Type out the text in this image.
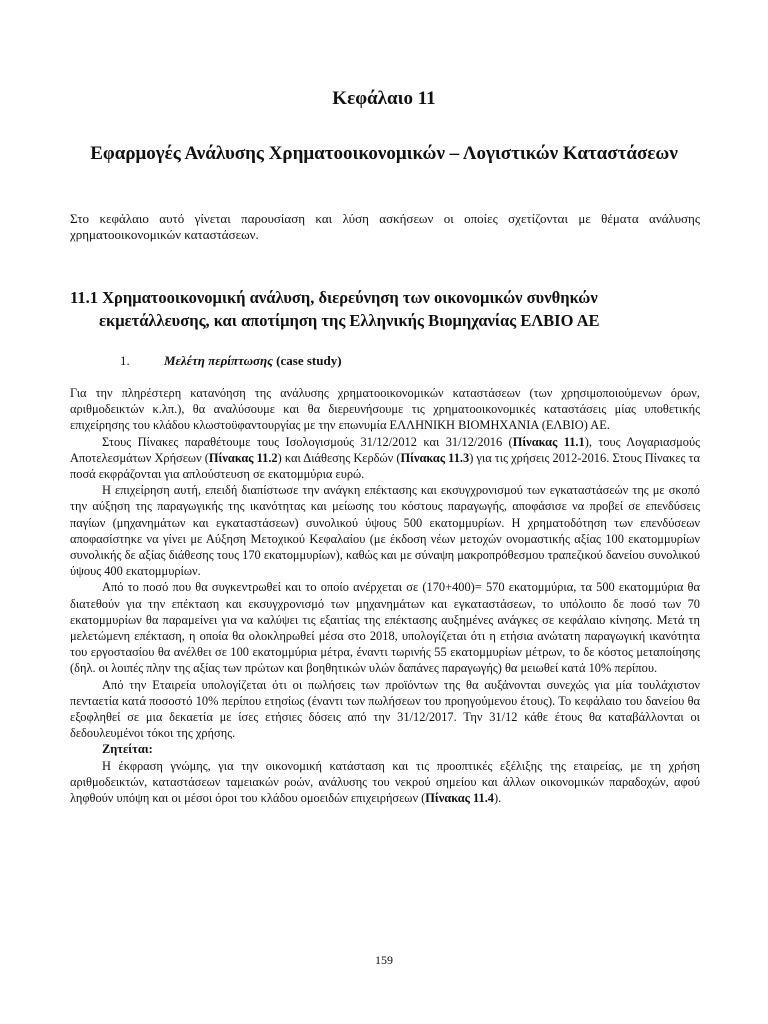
Κεφάλαιο 11
Εφαρμογές Ανάλυσης Χρηματοοικονομικών – Λογιστικών Καταστάσεων
Στο κεφάλαιο αυτό γίνεται παρουσίαση και λύση ασκήσεων οι οποίες σχετίζονται με θέματα ανάλυσης χρηματοοικονομικών καταστάσεων.
11.1 Χρηματοοικονομική ανάλυση, διερεύνηση των οικονομικών συνθηκών
εκμετάλλευσης, και αποτίμηση της Ελληνικής Βιομηχανίας ΕΛΒΙΟ ΑΕ
1.	Μελέτη περίπτωσης (case study)

Για την πληρέστερη κατανόηση της ανάλυσης χρηματοοικονομικών καταστάσεων (των χρησιμοποιούμενων όρων, αριθμοδεικτών κ.λπ.), θα αναλύσουμε και θα διερευνήσουμε τις χρηματοοικονομικές καταστάσεις μίας υποθετικής επιχείρησης του κλάδου κλωστοϋφαντουργίας με την επωνυμία ΕΛΛΗΝΙΚΗ ΒΙΟΜΗΧΑΝΙΑ (ΕΛΒΙΟ) ΑΕ.

Στους Πίνακες παραθέτουμε τους Ισολογισμούς 31/12/2012 και 31/12/2016 (Πίνακας 11.1), τους Λογαριασμούς Αποτελεσμάτων Χρήσεων (Πίνακας 11.2) και Διάθεσης Κερδών (Πίνακας 11.3) για τις χρήσεις 2012-2016. Στους Πίνακες τα ποσά εκφράζονται για απλούστευση σε εκατομμύρια ευρώ.

Η επιχείρηση αυτή, επειδή διαπίστωσε την ανάγκη επέκτασης και εκσυγχρονισμού των εγκαταστάσεών της με σκοπό την αύξηση της παραγωγικής της ικανότητας και μείωσης του κόστους παραγωγής, αποφάσισε να προβεί σε επενδύσεις παγίων (μηχανημάτων και εγκαταστάσεων) συνολικού ύψους 500 εκατομμυρίων. Η χρηματοδότηση των επενδύσεων αποφασίστηκε να γίνει με Αύξηση Μετοχικού Κεφαλαίου (με έκδοση νέων μετοχών ονομαστικής αξίας 100 εκατομμυρίων συνολικής δε αξίας διάθεσης τους 170 εκατομμυρίων), καθώς και με σύναψη μακροπρόθεσμου τραπεζικού δανείου συνολικού ύψους 400 εκατομμυρίων.

Από το ποσό που θα συγκεντρωθεί και το οποίο ανέρχεται σε (170+400)= 570 εκατομμύρια, τα 500 εκατομμύρια θα διατεθούν για την επέκταση και εκσυγχρονισμό των μηχανημάτων και εγκαταστάσεων, το υπόλοιπο δε ποσό των 70 εκατομμυρίων θα παραμείνει για να καλύψει τις εξαιτίας της επέκτασης αυξημένες ανάγκες σε κεφάλαιο κίνησης. Μετά τη μελετώμενη επέκταση, η οποία θα ολοκληρωθεί μέσα στο 2018, υπολογίζεται ότι η ετήσια ανώτατη παραγωγική ικανότητα του εργοστασίου θα ανέλθει σε 100 εκατομμύρια μέτρα, έναντι τωρινής 55 εκατομμυρίων μέτρων, το δε κόστος μεταποίησης (δηλ. οι λοιπές πλην της αξίας των πρώτων και βοηθητικών υλών δαπάνες παραγωγής) θα μειωθεί κατά 10% περίπου.

Από την Εταιρεία υπολογίζεται ότι οι πωλήσεις των προϊόντων της θα αυξάνονται συνεχώς για μία τουλάχιστον πενταετία κατά ποσοστό 10% περίπου ετησίως (έναντι των πωλήσεων του προηγούμενου έτους). Το κεφάλαιο του δανείου θα εξοφληθεί σε μια δεκαετία με ίσες ετήσιες δόσεις από την 31/12/2017. Την 31/12 κάθε έτους θα καταβάλλονται οι δεδουλευμένοι τόκοι της χρήσης.

Ζητείται:

Η έκφραση γνώμης, για την οικονομική κατάσταση και τις προοπτικές εξέλιξης της εταιρείας, με τη χρήση αριθμοδεικτών, καταστάσεων ταμειακών ροών, ανάλυσης του νεκρού σημείου και άλλων οικονομικών παραδοχών, αφού ληφθούν υπόψη και οι μέσοι όροι του κλάδου ομοειδών επιχειρήσεων (Πίνακας 11.4).

159
